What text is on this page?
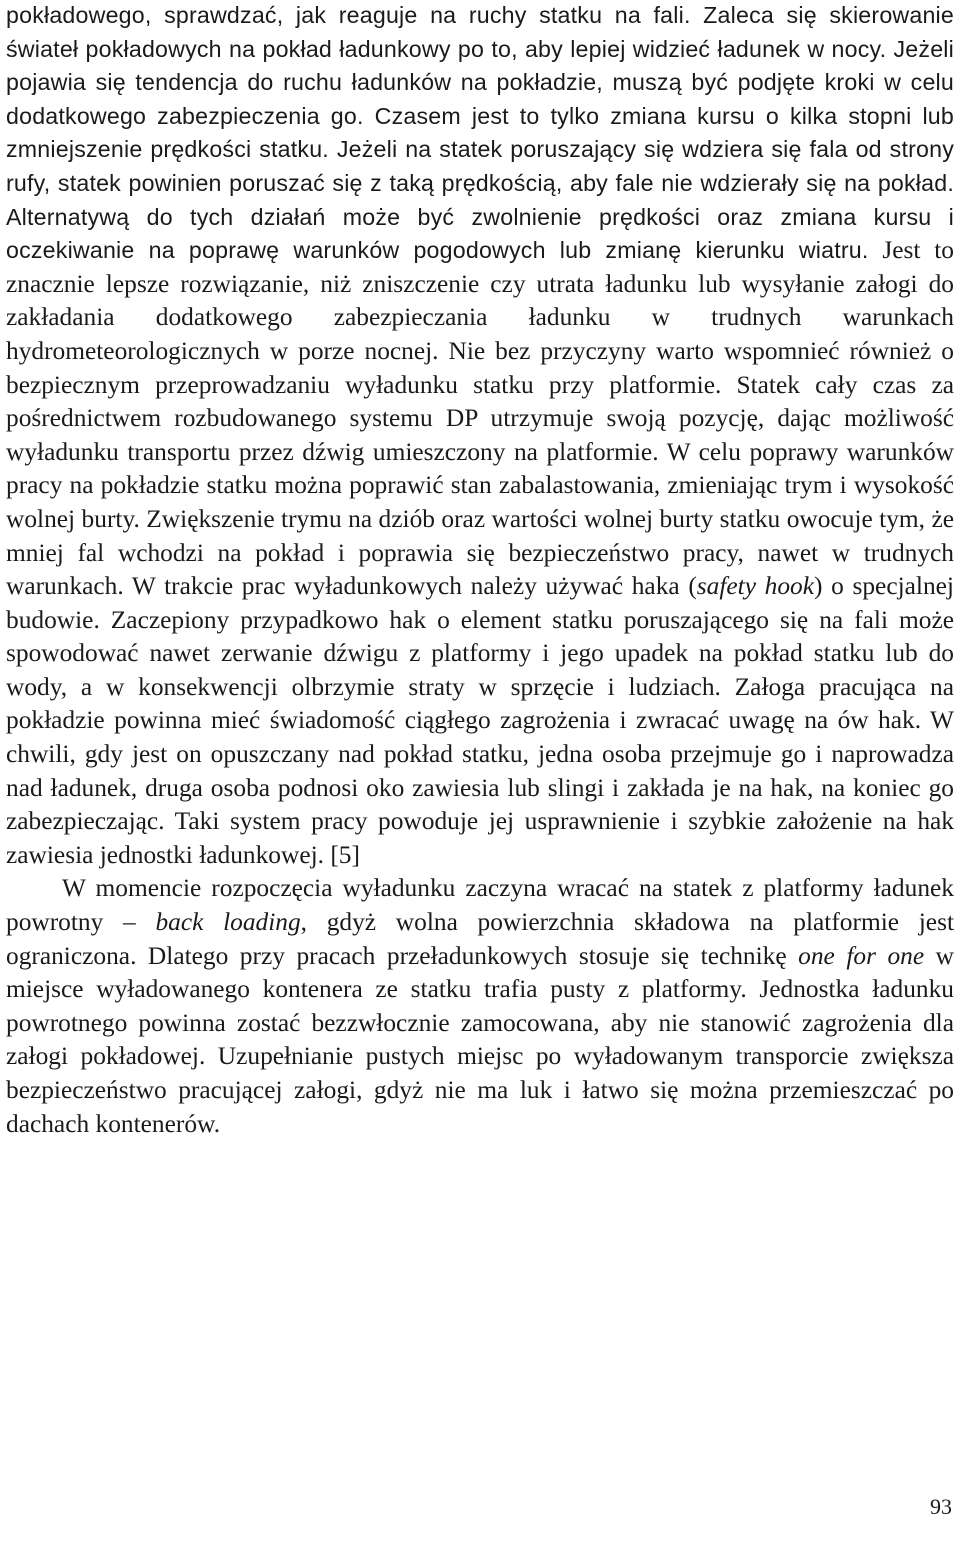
pokładowego, sprawdzać, jak reaguje na ruchy statku na fali. Zaleca się skierowanie świateł pokładowych na pokład ładunkowy po to, aby lepiej widzieć ładunek w nocy. Jeżeli pojawia się tendencja do ruchu ładunków na pokładzie, muszą być podjęte kroki w celu dodatkowego zabezpieczenia go. Czasem jest to tylko zmiana kursu o kilka stopni lub zmniejszenie prędkości statku. Jeżeli na statek poruszający się wdziera się fala od strony rufy, statek powinien poruszać się z taką prędkością, aby fale nie wdzierały się na pokład. Alternatywą do tych działań może być zwolnienie prędkości oraz zmiana kursu i oczekiwanie na poprawę warunków pogodowych lub zmianę kierunku wiatru. Jest to znacznie lepsze rozwiązanie, niż zniszczenie czy utrata ładunku lub wysyłanie załogi do zakładania dodatkowego zabezpieczania ładunku w trudnych warunkach hydrometeorologicznych w porze nocnej. Nie bez przyczyny warto wspomnieć również o bezpiecznym przeprowadzaniu wyładunku statku przy platformie. Statek cały czas za pośrednictwem rozbudowanego systemu DP utrzymuje swoją pozycję, dając możliwość wyładunku transportu przez dźwig umieszczony na platformie. W celu poprawy warunków pracy na pokładzie statku można poprawić stan zabalastowania, zmieniając trym i wysokość wolnej burty. Zwiększenie trymu na dziób oraz wartości wolnej burty statku owocuje tym, że mniej fal wchodzi na pokład i poprawia się bezpieczeństwo pracy, nawet w trudnych warunkach. W trakcie prac wyładunkowych należy używać haka (safety hook) o specjalnej budowie. Zaczepiony przypadkowo hak o element statku poruszającego się na fali może spowodować nawet zerwanie dźwigu z platformy i jego upadek na pokład statku lub do wody, a w konsekwencji olbrzymie straty w sprzęcie i ludziach. Załoga pracująca na pokładzie powinna mieć świadomość ciągłego zagrożenia i zwracać uwagę na ów hak. W chwili, gdy jest on opuszczany nad pokład statku, jedna osoba przejmuje go i naprowadza nad ładunek, druga osoba podnosi oko zawiesia lub slingi i zakłada je na hak, na koniec go zabezpieczając. Taki system pracy powoduje jej usprawnienie i szybkie założenie na hak zawiesia jednostki ładunkowej. [5]

W momencie rozpoczęcia wyładunku zaczyna wracać na statek z platformy ładunek powrotny – back loading, gdyż wolna powierzchnia składowa na platformie jest ograniczona. Dlatego przy pracach przeładunkowych stosuje się technikę one for one w miejsce wyładowanego kontenera ze statku trafia pusty z platformy. Jednostka ładunku powrotnego powinna zostać bezzwłocznie zamocowana, aby nie stanowić zagrożenia dla załogi pokładowej. Uzupełnianie pustych miejsc po wyładowanym transporcie zwiększa bezpieczeństwo pracującej załogi, gdyż nie ma luk i łatwo się można przemieszczać po dachach kontenerów.

93
